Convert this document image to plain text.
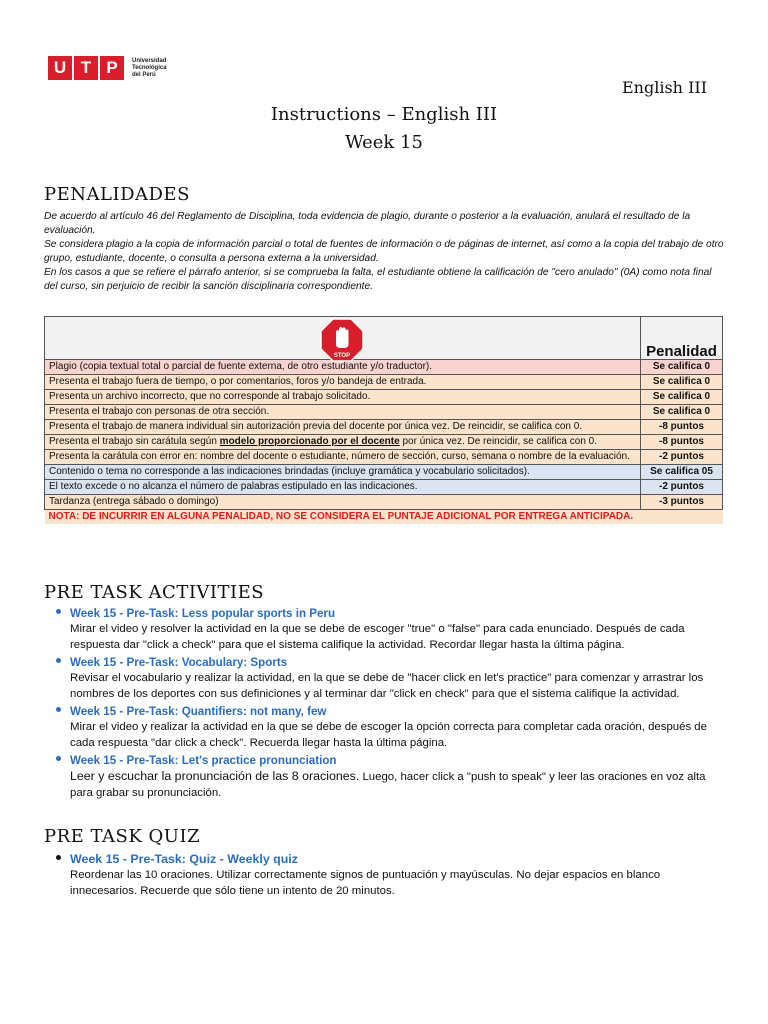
U T P	Universidad
Tecnológica
del Perú
English III
Instructions – English III
Week 15
PENALIDADES

De acuerdo al artículo 46 del Reglamento de Disciplina, toda evidencia de plagio, durante o posterior a la evaluación, anulará el resultado de la evaluación.

Se considera plagio a la copia de información parcial o total de fuentes de información o de páginas de internet, así como a la copia del trabajo de otro grupo, estudiante, docente, o consulta a persona externa a la universidad.

En los casos a que se refiere el párrafo anterior, si se comprueba la falta, el estudiante obtiene la calificación de "cero anulado" (0A) como nota final del curso, sin perjuicio de recibir la sanción disciplinaria correspondiente.

	Penalidad
Plagio (copia textual total o parcial de fuente externa, de otro estudiante y/o traductor).	Se califica 0
Presenta el trabajo fuera de tiempo, o por comentarios, foros y/o bandeja de entrada.	Se califica 0
Presenta un archivo incorrecto, que no corresponde al trabajo solicitado.	Se califica 0
Presenta el trabajo con personas de otra sección.	Se califica 0
Presenta el trabajo de manera individual sin autorización previa del docente por única vez. De reincidir, se califica con 0.	-8 puntos
Presenta el trabajo sin carátula según modelo proporcionado por el docente por única vez. De reincidir, se califica con 0.	-8 puntos
Presenta la carátula con error en: nombre del docente o estudiante, número de sección, curso, semana o nombre de la evaluación.	-2 puntos
Contenido o tema no corresponde a las indicaciones brindadas (incluye gramática y vocabulario solicitados).	Se califica 05
El texto excede o no alcanza el número de palabras estipulado en las indicaciones.	-2 puntos
Tardanza (entrega sábado o domingo)	-3 puntos
NOTA: DE INCURRIR EN ALGUNA PENALIDAD, NO SE CONSIDERA EL PUNTAJE ADICIONAL POR ENTREGA ANTICIPADA.	
STOP
PRE TASK ACTIVITIES
Week 15 - Pre-Task: Less popular sports in Peru
Mirar el video y resolver la actividad en la que se debe de escoger "true" o "false" para cada enunciado. Después de cada respuesta dar "click a check" para que el sistema califique la actividad. Recordar llegar hasta la última página.
Week 15 - Pre-Task: Vocabulary: Sports
Revisar el vocabulario y realizar la actividad, en la que se debe de "hacer click en let's practice" para comenzar y arrastrar los nombres de los deportes con sus definiciones y al terminar dar "click en check" para que el sistema califique la actividad.
Week 15 - Pre-Task: Quantifiers: not many, few
Mirar el video y realizar la actividad en la que se debe de escoger la opción correcta para completar cada oración, después de cada respuesta "dar click a check". Recuerda llegar hasta la última página.
Week 15 - Pre-Task: Let's practice pronunciation
Leer y escuchar la pronunciación de las 8 oraciones. Luego, hacer click a "push to speak" y leer las oraciones en voz alta para grabar su pronunciación.
PRE TASK QUIZ
Week 15 - Pre-Task: Quiz - Weekly quiz
Reordenar las 10 oraciones. Utilizar correctamente signos de puntuación y mayúsculas. No dejar espacios en blanco innecesarios. Recuerde que sólo tiene un intento de 20 minutos.
